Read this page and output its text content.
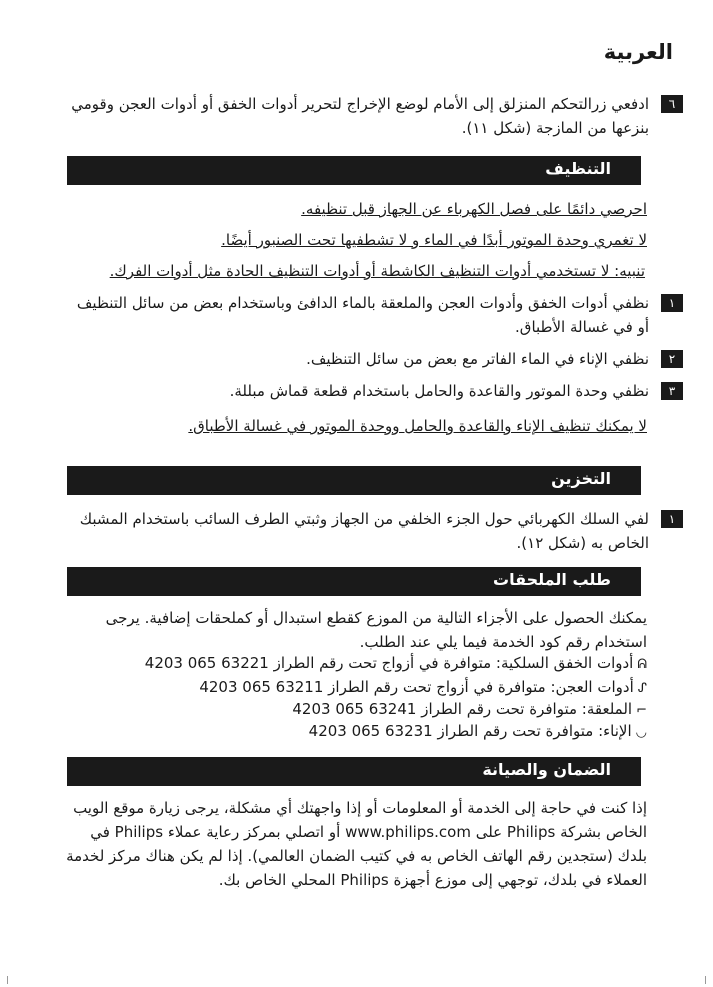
العربية
٦
ادفعي زرالتحكم المنزلق إلى الأمام لوضع الإخراج لتحرير أدوات الخفق أو أدوات العجن وقومي بنزعها من المازجة (شكل ١١).
التنظيف
احرصي دائمًا على فصل الكهرباء عن الجهاز قبل تنظيفه.
لا تغمري وحدة الموتور أبدًا في الماء و لا تشطفيها تحت الصنبور أيضًا.
تنبيه: لا تستخدمي أدوات التنظيف الكاشطة أو أدوات التنظيف الحادة مثل أدوات الفرك.
١
نظفي أدوات الخفق وأدوات العجن والملعقة بالماء الدافئ وباستخدام بعض من سائل التنظيف أو في غسالة الأطباق.
٢
نظفي الإناء في الماء الفاتر مع بعض من سائل التنظيف.
٣
نظفي وحدة الموتور والقاعدة والحامل باستخدام قطعة قماش مبللة.
لا يمكنك تنظيف الإناء والقاعدة والحامل ووحدة الموتور في غسالة الأطباق.
التخزين
١
لفي السلك الكهربائي حول الجزء الخلفي من الجهاز وثبتي الطرف السائب باستخدام المشبك الخاص به (شكل ١٢).
طلب الملحقات
يمكنك الحصول على الأجزاء التالية من الموزع كقطع استبدال أو كملحقات إضافية. يرجى استخدام رقم كود الخدمة فيما يلي عند الطلب.
ᕱأدوات الخفق السلكية: متوافرة في أزواج تحت رقم الطراز 4203 065 63221
ᔑأدوات العجن: متوافرة في أزواج تحت رقم الطراز 4203 065 63211
⌐الملعقة: متوافرة تحت رقم الطراز 4203 065 63241
◡الإناء: متوافرة تحت رقم الطراز 4203 065 63231
الضمان والصيانة
إذا كنت في حاجة إلى الخدمة أو المعلومات أو إذا واجهتك أي مشكلة، يرجى زيارة موقع الويب الخاص بشركة Philips على www.philips.com أو اتصلي بمركز رعاية عملاء Philips في بلدك (ستجدين رقم الهاتف الخاص به في كتيب الضمان العالمي). إذا لم يكن هناك مركز لخدمة العملاء في بلدك، توجهي إلى موزع أجهزة Philips المحلي الخاص بك.
